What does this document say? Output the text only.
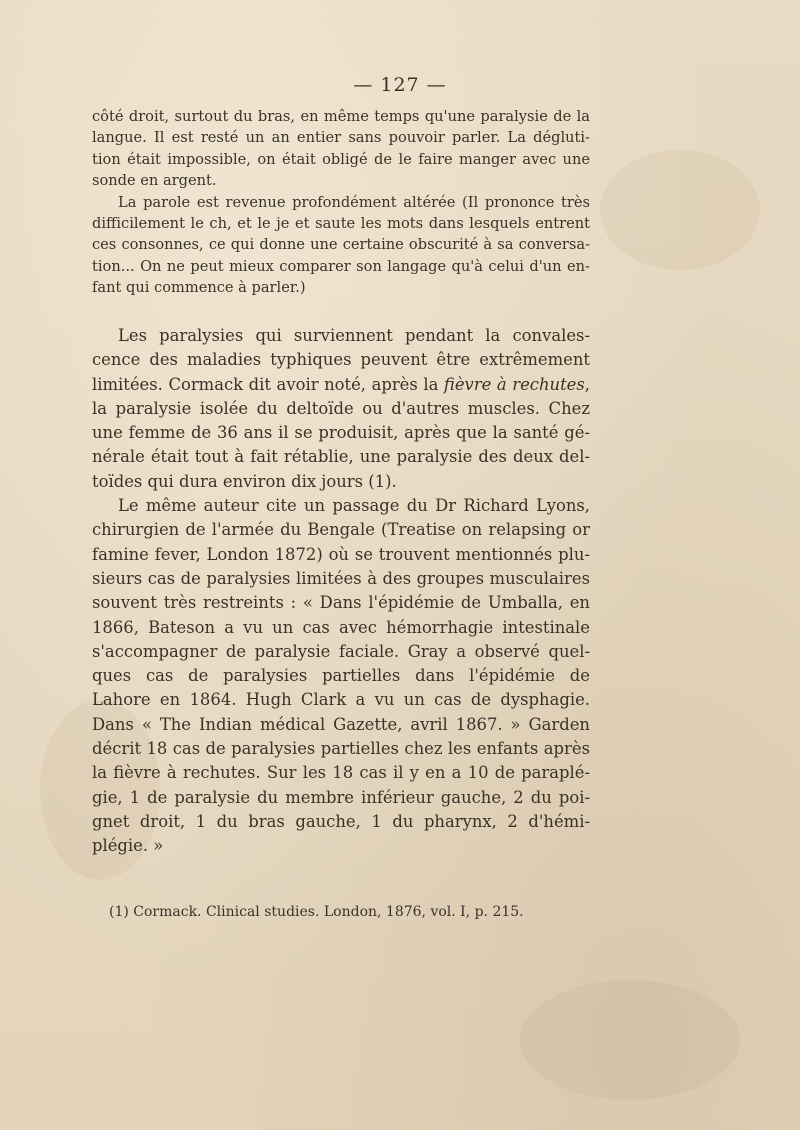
— 127 —
côté droit, surtout du bras, en même temps qu'une paralysie de la
langue. Il est resté un an entier sans pouvoir parler. La dégluti-
tion était impossible, on était obligé de le faire manger avec une
sonde en argent.
La parole est revenue profondément altérée (Il prononce très
difficilement le ch, et le je et saute les mots dans lesquels entrent
ces consonnes, ce qui donne une certaine obscurité à sa conversa-
tion... On ne peut mieux comparer son langage qu'à celui d'un en-
fant qui commence à parler.)
Les paralysies qui surviennent pendant la convales-
cence des maladies typhiques peuvent être extrêmement
limitées. Cormack dit avoir noté, après la fièvre à rechutes,
la paralysie isolée du deltoïde ou d'autres muscles. Chez
une femme de 36 ans il se produisit, après que la santé gé-
nérale était tout à fait rétablie, une paralysie des deux del-
toïdes qui dura environ dix jours (1).
Le même auteur cite un passage du Dr Richard Lyons,
chirurgien de l'armée du Bengale (Treatise on relapsing or
famine fever, London 1872) où se trouvent mentionnés plu-
sieurs cas de paralysies limitées à des groupes musculaires
souvent très restreints : « Dans l'épidémie de Umballa, en
1866, Bateson a vu un cas avec hémorrhagie intestinale
s'accompagner de paralysie faciale. Gray a observé quel-
ques cas de paralysies partielles dans l'épidémie de
Lahore en 1864. Hugh Clark a vu un cas de dysphagie.
Dans « The Indian médical Gazette, avril 1867. » Garden
décrit 18 cas de paralysies partielles chez les enfants après
la fièvre à rechutes. Sur les 18 cas il y en a 10 de paraplé-
gie, 1 de paralysie du membre inférieur gauche, 2 du poi-
gnet droit, 1 du bras gauche, 1 du pharynx, 2 d'hémi-
plégie. »
(1) Cormack. Clinical studies. London, 1876, vol. I, p. 215.
